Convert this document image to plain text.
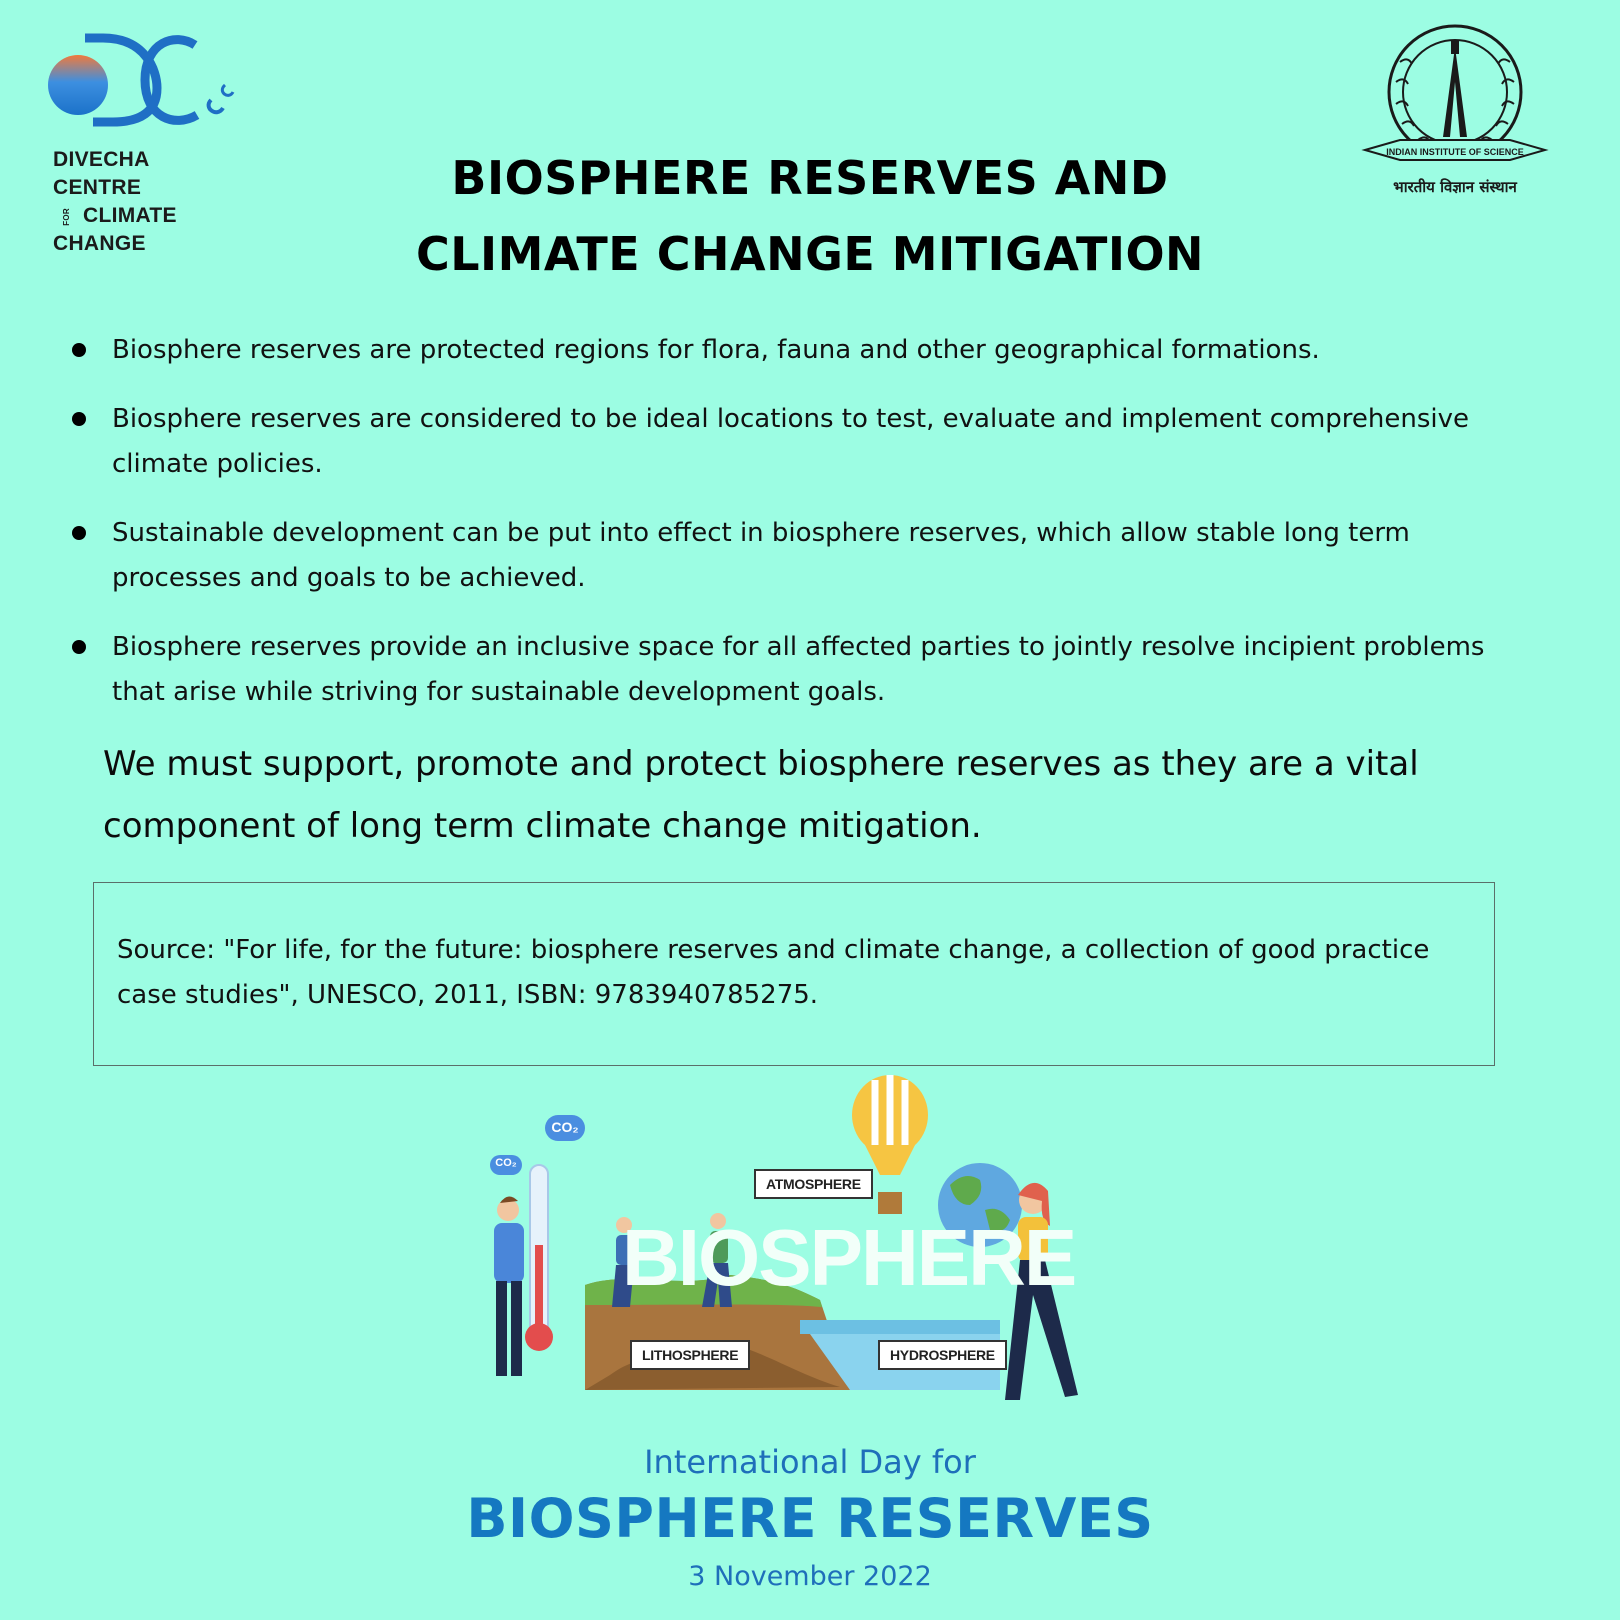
DIVECHA CENTRE
FOR CLIMATE CHANGE
INDIAN INSTITUTE OF SCIENCE
भारतीय विज्ञान संस्थान
BIOSPHERE RESERVES AND
CLIMATE CHANGE MITIGATION
Biosphere reserves are protected regions for flora, fauna and other geographical formations.
Biosphere reserves are considered to be ideal locations to test, evaluate and implement comprehensive climate policies.
Sustainable development can be put into effect in biosphere reserves, which allow stable long term processes and goals to be achieved.
Biosphere reserves provide an inclusive space for all affected parties to jointly resolve incipient problems that arise while striving for sustainable development goals.
We must support, promote and protect biosphere reserves as they are a vital component of long term climate change mitigation.
Source: "For life, for the future: biosphere reserves and climate change, a collection of good practice case studies", UNESCO, 2011, ISBN: 9783940785275.
BIOSPHERE
CO₂
CO₂
ATMOSPHERE
LITHOSPHERE	HYDROSPHERE
International Day for
BIOSPHERE RESERVES
3 November 2022
